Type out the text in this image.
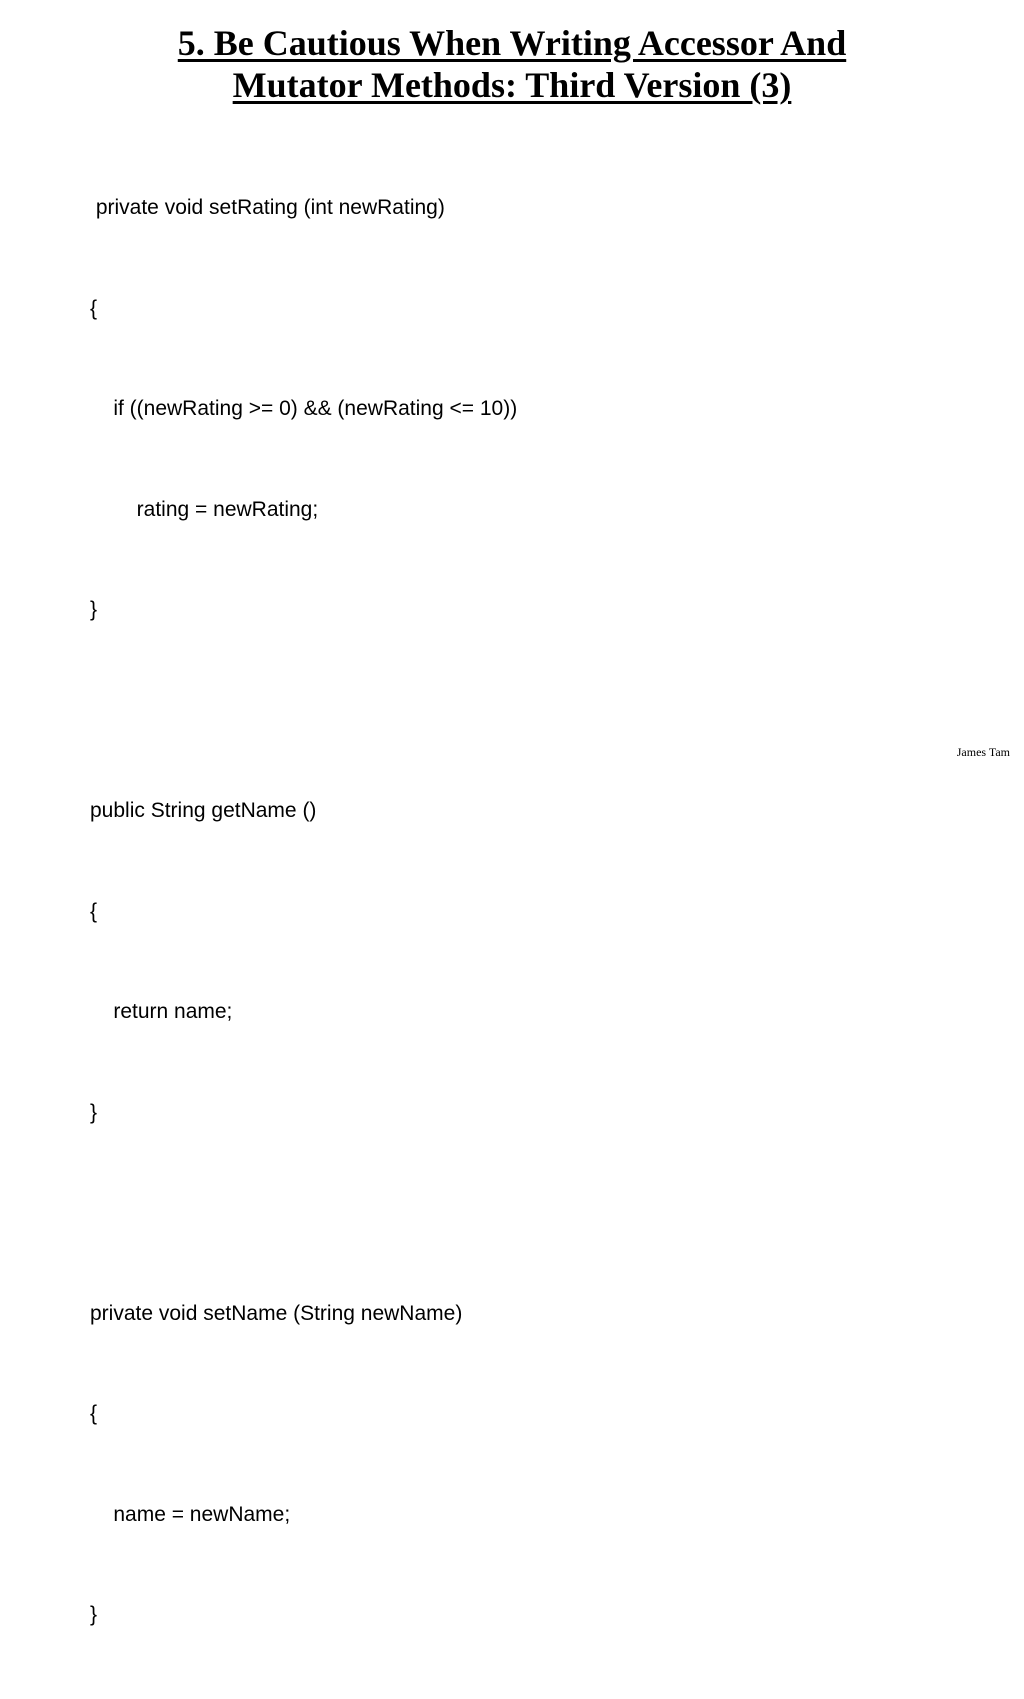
5. Be Cautious When Writing Accessor And
Mutator Methods: Third Version (3)

private void setRating (int newRating)

{

if ((newRating >= 0) && (newRating <= 10))

rating = newRating;

}

public String getName ()

{

return name;

}

private void setName (String newName)

{

name = newName;

}

James Tam
